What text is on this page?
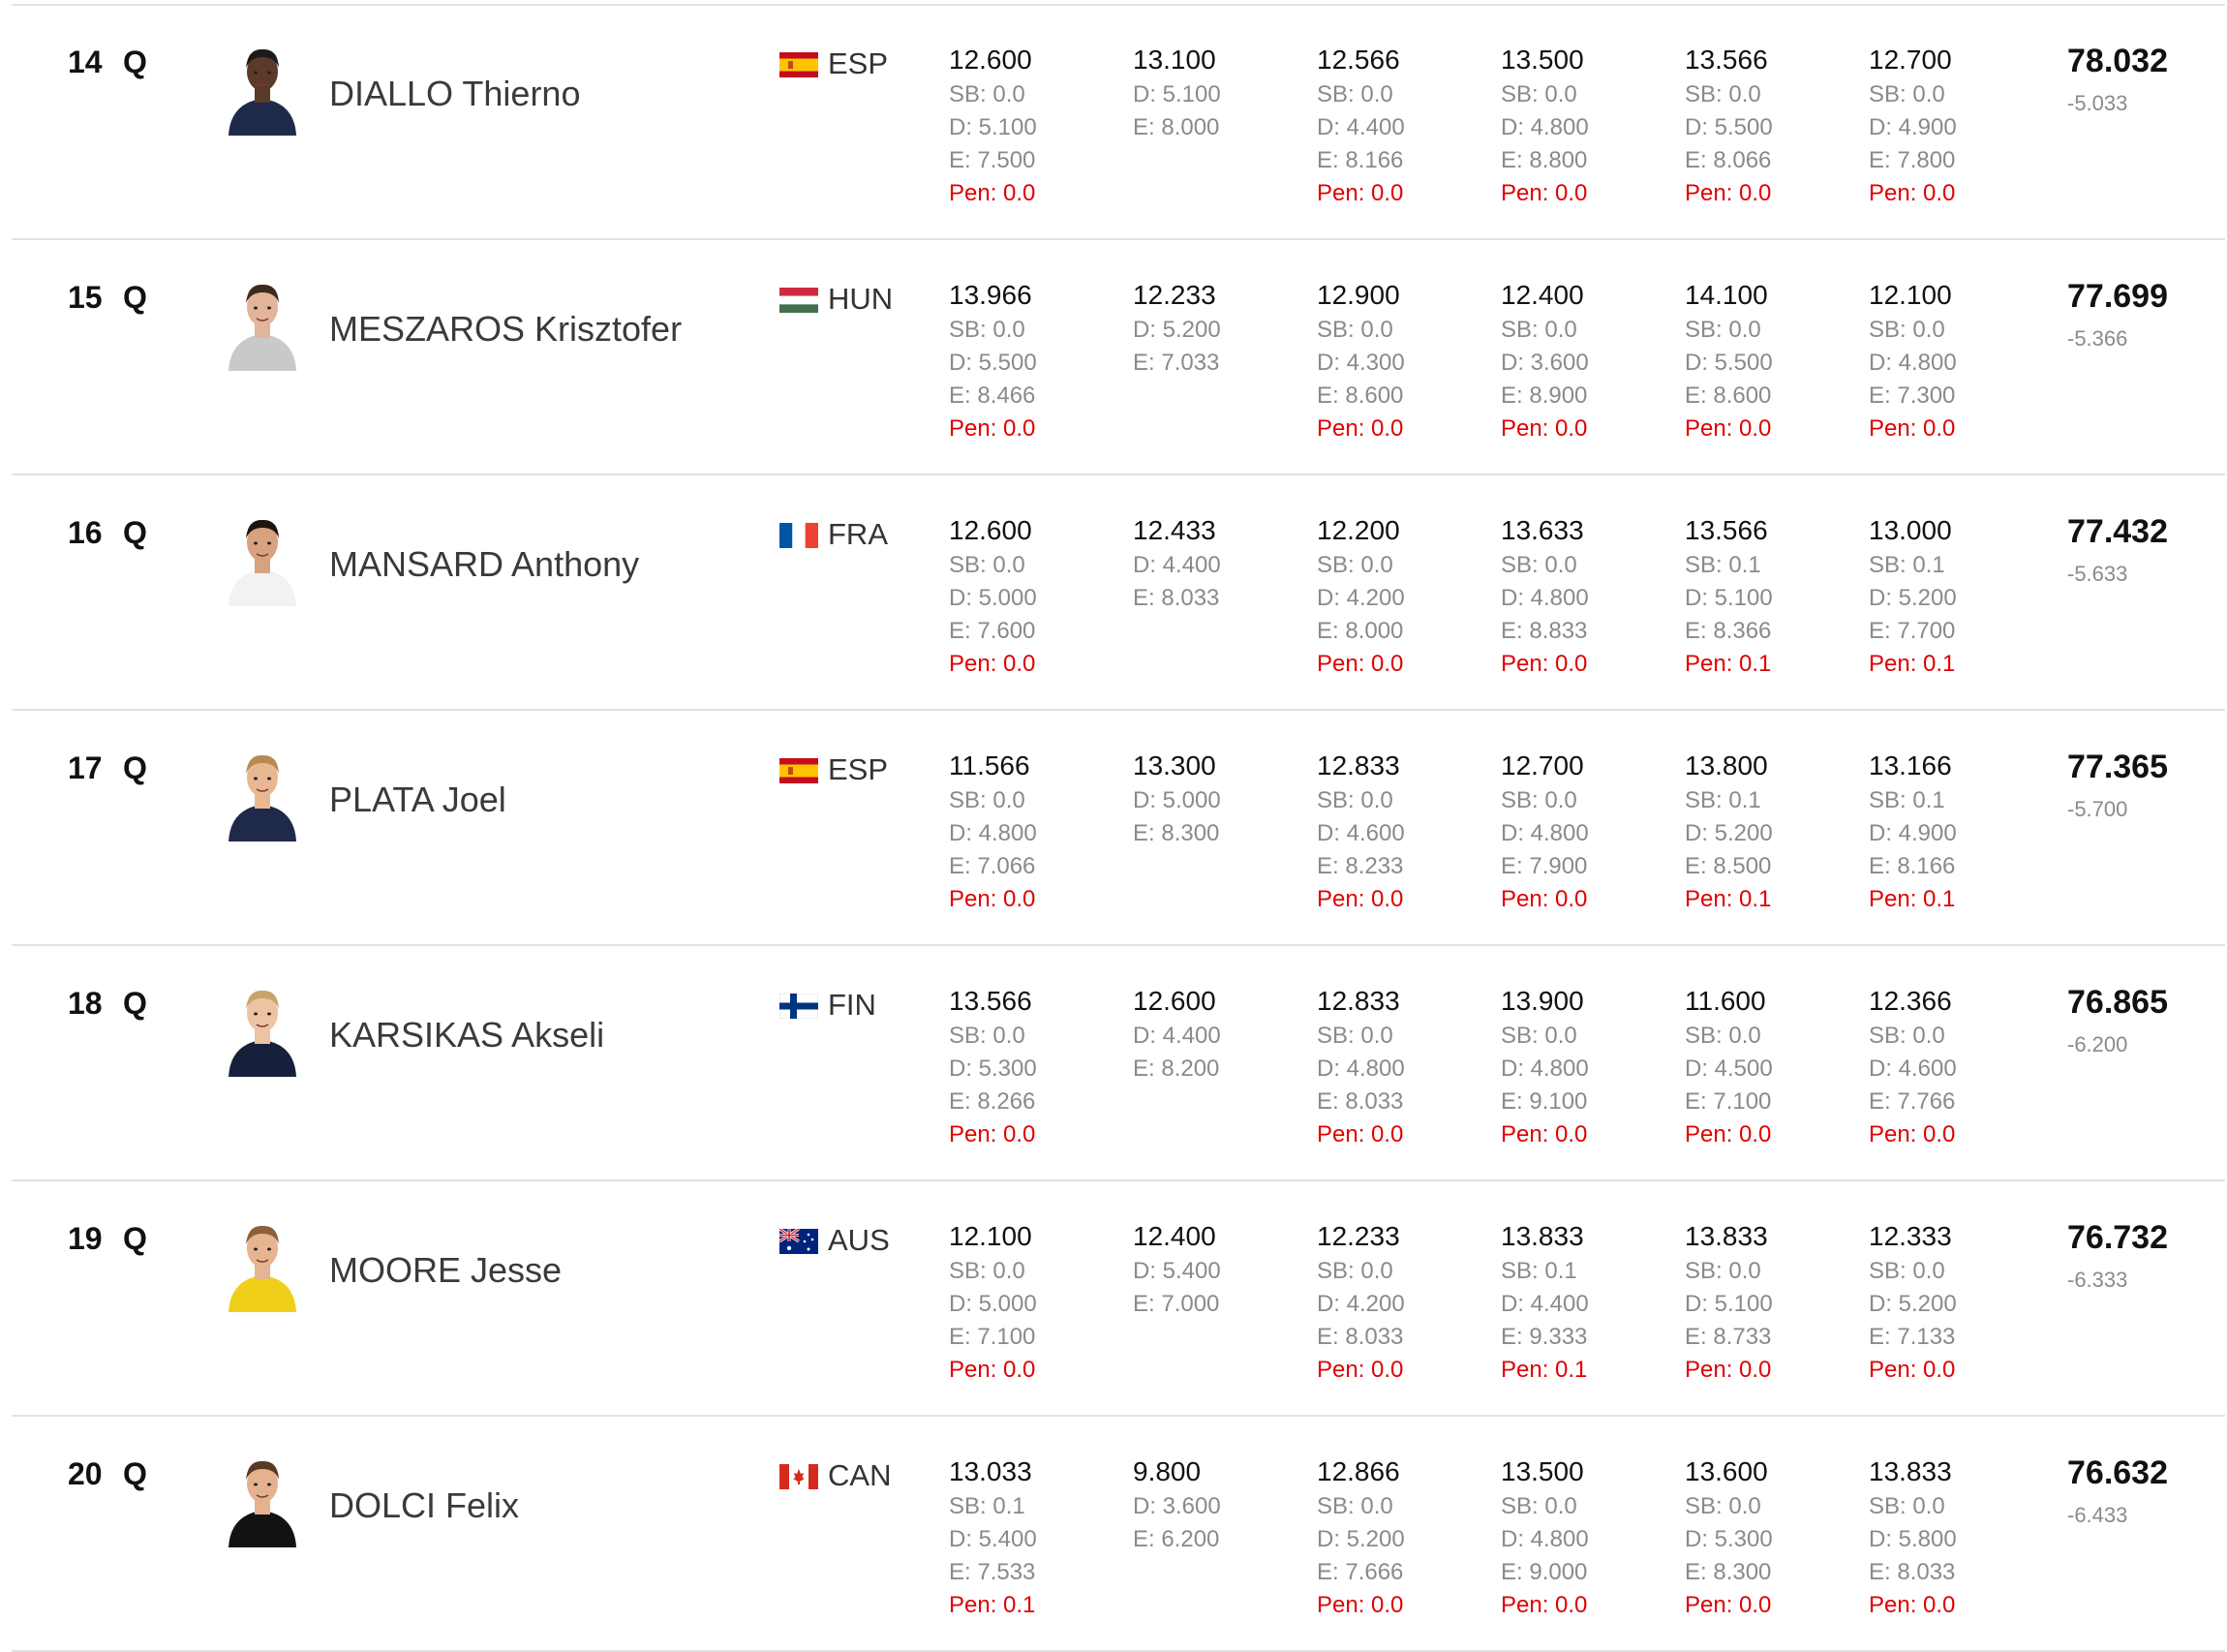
14 Q
DIALLO Thierno
ESP 12.600
SB: 0.0
D: 5.100
E: 7.500
Pen: 0.0
13.100
D: 5.100
E: 8.000
12.566
SB: 0.0
D: 4.400
E: 8.166
Pen: 0.0
13.500
SB: 0.0
D: 4.800
E: 8.800
Pen: 0.0
13.566
SB: 0.0
D: 5.500
E: 8.066
Pen: 0.0
12.700
SB: 0.0
D: 4.900
E: 7.800
Pen: 0.0
78.032
-5.033
15 Q
MESZAROS Krisztofer
HUN 13.966
SB: 0.0
D: 5.500
E: 8.466
Pen: 0.0
12.233
D: 5.200
E: 7.033
12.900
SB: 0.0
D: 4.300
E: 8.600
Pen: 0.0
12.400
SB: 0.0
D: 3.600
E: 8.900
Pen: 0.0
14.100
SB: 0.0
D: 5.500
E: 8.600
Pen: 0.0
12.100
SB: 0.0
D: 4.800
E: 7.300
Pen: 0.0
77.699
-5.366
16 Q
MANSARD Anthony
FRA 12.600
SB: 0.0
D: 5.000
E: 7.600
Pen: 0.0
12.433
D: 4.400
E: 8.033
12.200
SB: 0.0
D: 4.200
E: 8.000
Pen: 0.0
13.633
SB: 0.0
D: 4.800
E: 8.833
Pen: 0.0
13.566
SB: 0.1
D: 5.100
E: 8.366
Pen: 0.1
13.000
SB: 0.1
D: 5.200
E: 7.700
Pen: 0.1
77.432
-5.633
17 Q
PLATA Joel
ESP 11.566
SB: 0.0
D: 4.800
E: 7.066
Pen: 0.0
13.300
D: 5.000
E: 8.300
12.833
SB: 0.0
D: 4.600
E: 8.233
Pen: 0.0
12.700
SB: 0.0
D: 4.800
E: 7.900
Pen: 0.0
13.800
SB: 0.1
D: 5.200
E: 8.500
Pen: 0.1
13.166
SB: 0.1
D: 4.900
E: 8.166
Pen: 0.1
77.365
-5.700
18 Q
KARSIKAS Akseli
FIN	13.566
SB: 0.0
D: 5.300
E: 8.266
Pen: 0.0
12.600
D: 4.400
E: 8.200
12.833
SB: 0.0
D: 4.800
E: 8.033
Pen: 0.0
13.900
SB: 0.0
D: 4.800
E: 9.100
Pen: 0.0
11.600
SB: 0.0
D: 4.500
E: 7.100
Pen: 0.0
12.366
SB: 0.0
D: 4.600
E: 7.766
Pen: 0.0
76.865
-6.200
19 Q
MOORE Jesse
AUS 12.100
SB: 0.0
D: 5.000
E: 7.100
Pen: 0.0
12.400
D: 5.400
E: 7.000
12.233
SB: 0.0
D: 4.200
E: 8.033
Pen: 0.0
13.833
SB: 0.1
D: 4.400
E: 9.333
Pen: 0.1
13.833
SB: 0.0
D: 5.100
E: 8.733
Pen: 0.0
12.333
SB: 0.0
D: 5.200
E: 7.133
Pen: 0.0
76.732
-6.333
20 Q
DOLCI Felix
CAN 13.033
SB: 0.1
D: 5.400
E: 7.533
Pen: 0.1
9.800
D: 3.600
E: 6.200
12.866
SB: 0.0
D: 5.200
E: 7.666
Pen: 0.0
13.500
SB: 0.0
D: 4.800
E: 9.000
Pen: 0.0
13.600
SB: 0.0
D: 5.300
E: 8.300
Pen: 0.0
13.833
SB: 0.0
D: 5.800
E: 8.033
Pen: 0.0
76.632
-6.433
